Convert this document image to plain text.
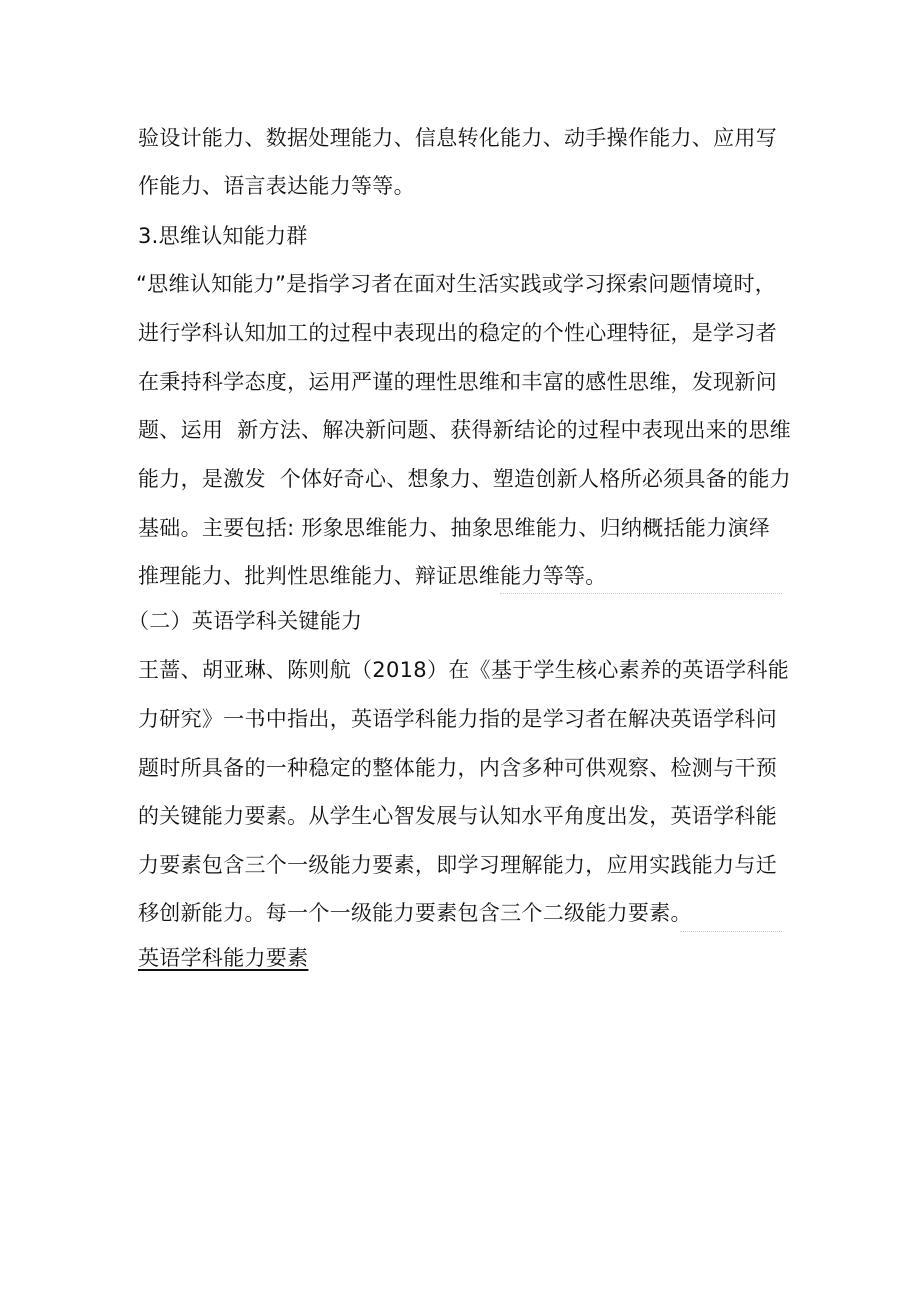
验设计能力、数据处理能力、信息转化能力、动手操作能力、应用写
作能力、语言表达能力等等。
3.思维认知能力群
“思维认知能力”是指学习者在面对生活实践或学习探索问题情境时，
进行学科认知加工的过程中表现出的稳定的个性心理特征，是学习者
在秉持科学态度，运用严谨的理性思维和丰富的感性思维，发现新问
题、运用  新方法、解决新问题、获得新结论的过程中表现出来的思维
能力，是激发  个体好奇心、想象力、塑造创新人格所必须具备的能力
基础。主要包括: 形象思维能力、抽象思维能力、归纳概括能力演绎
推理能力、批判性思维能力、辩证思维能力等等。
（二）英语学科关键能力
王蔷、胡亚琳、陈则航（2018）在《基于学生核心素养的英语学科能
力研究》一书中指出，英语学科能力指的是学习者在解决英语学科问
题时所具备的一种稳定的整体能力，内含多种可供观察、检测与干预
的关键能力要素。从学生心智发展与认知水平角度出发，英语学科能
力要素包含三个一级能力要素，即学习理解能力，应用实践能力与迁
移创新能力。每一个一级能力要素包含三个二级能力要素。
英语学科能力要素
